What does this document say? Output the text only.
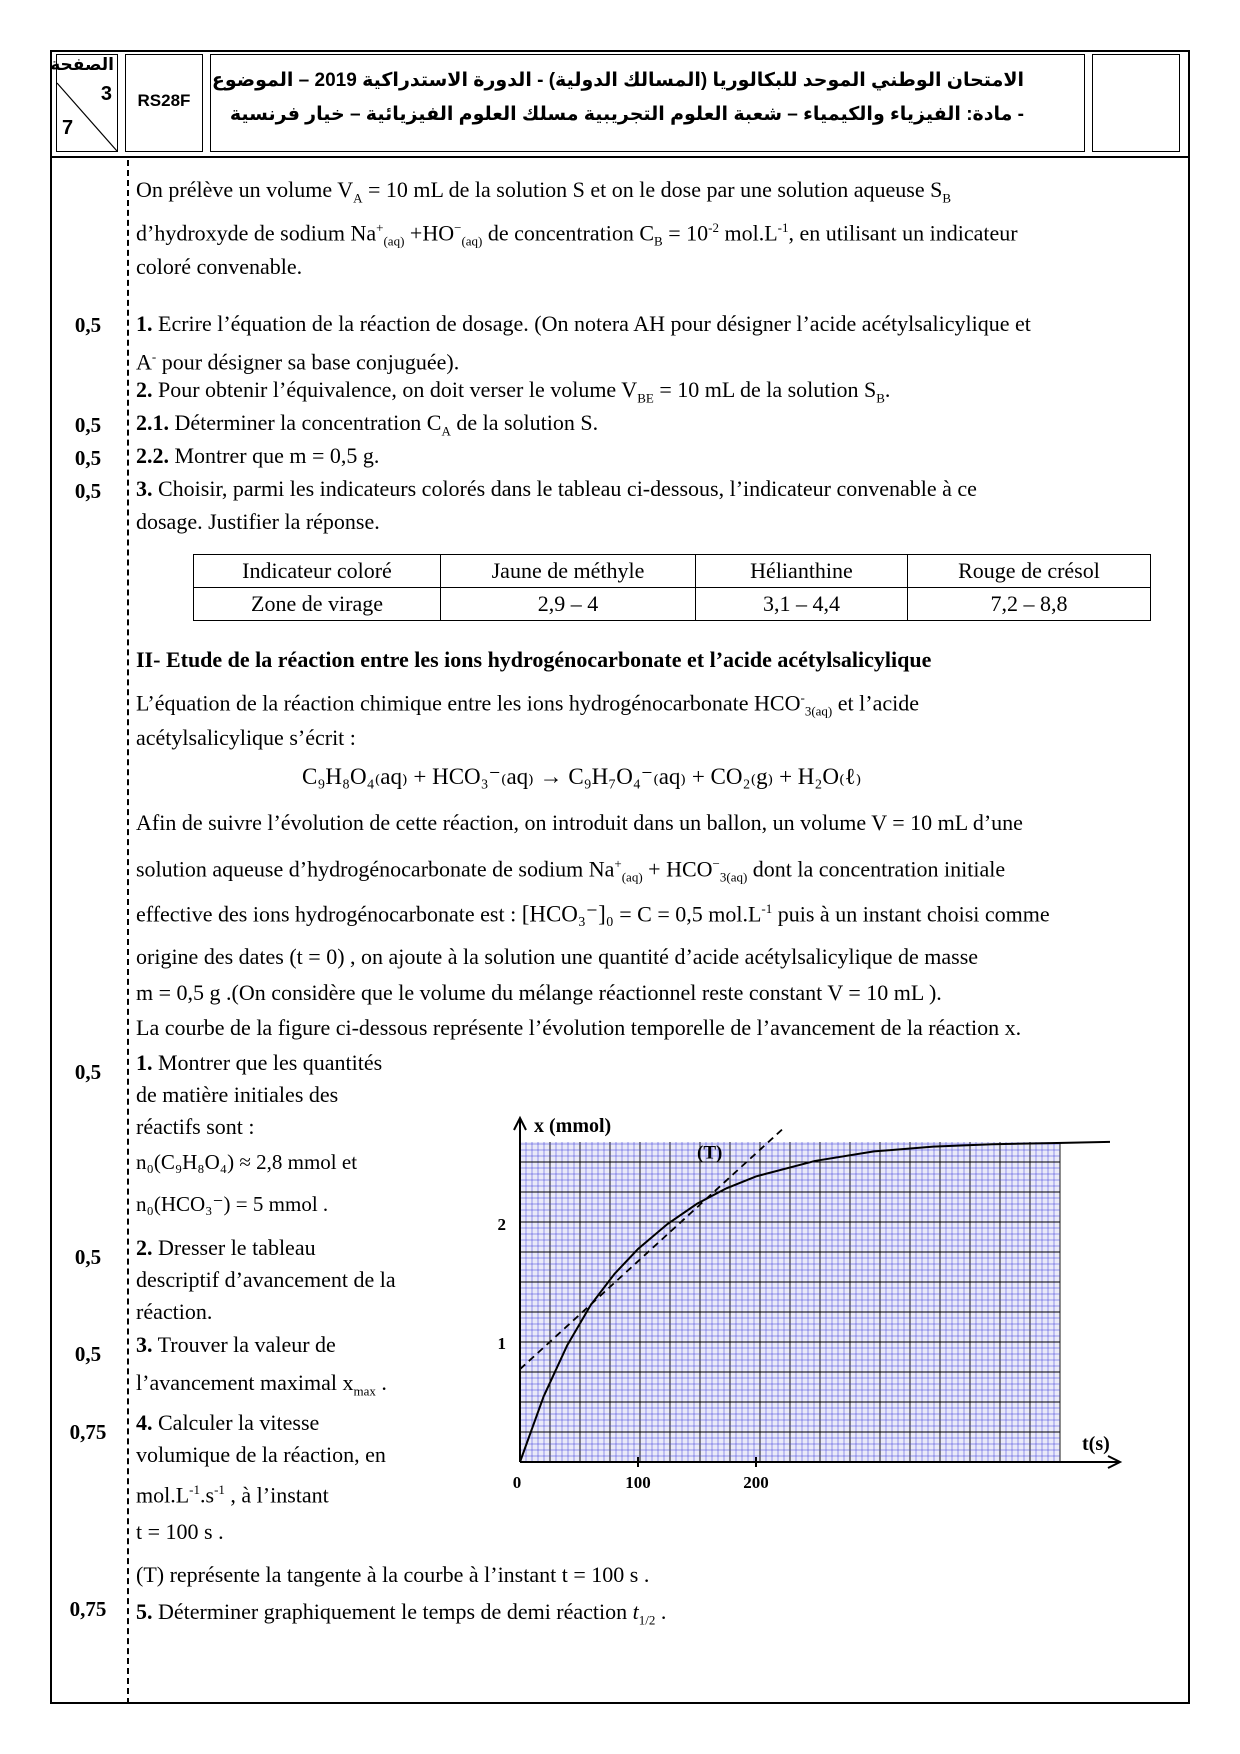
الصفحة
3
7
RS28F
الامتحان الوطني الموحد للبكالوريا (المسالك الدولية) - الدورة الاستدراكية 2019 – الموضوع
- مادة: الفيزياء والكيمياء – شعبة العلوم التجريبية مسلك العلوم الفيزيائية – خيار فرنسية
0,5
0,5
0,5
0,5
0,5
0,5
0,5
0,75
0,75
On prélève un volume $V_A = 10$ mL de la solution S et on le dose par une solution aqueuse $S_B$
d’hydroxyde de sodium $Na^+_{(aq)} +HO^-_{(aq)}$ de concentration $C_B = 10^{-2}$ $mol.L^{-1}$, en utilisant un indicateur
coloré convenable.
1. Ecrire l’équation de la réaction de dosage. (On notera AH pour désigner l’acide acétylsalicylique et
A- pour désigner sa base conjuguée).
2. Pour obtenir l’équivalence, on doit verser le volume $V_{BE} = 10$ mL de la solution $S_B$.
2.1. Déterminer la concentration $C_A$ de la solution S.
2.2. Montrer que m = 0,5 g.
3. Choisir, parmi les indicateurs colorés dans le tableau ci-dessous, l’indicateur convenable à ce
dosage. Justifier la réponse.
Indicateur coloré	Jaune de méthyle	Hélianthine	Rouge de crésol
Zone de virage	2,9 – 4	3,1 – 4,4	7,2 – 8,8
II- Etude de la réaction entre les ions hydrogénocarbonate et l’acide acétylsalicylique
L’équation de la réaction chimique entre les ions hydrogénocarbonate $HCO^-_{3(aq)}$ et l’acide
acétylsalicylique s’écrit :
C₉H₈O₄₍aq₎ + HCO₃⁻₍aq₎ → C₉H₇O₄⁻₍aq₎ + CO₂₍g₎ + H₂O₍ℓ₎
Afin de suivre l’évolution de cette réaction, on introduit dans un ballon, un volume V = 10 mL d’une
solution aqueuse d’hydrogénocarbonate de sodium $Na^+_{(aq)} + HCO^-_{3(aq)}$ dont la concentration initiale
effective des ions hydrogénocarbonate est : [HCO₃⁻]₀ = C = 0,5 $mol.L^{-1}$ puis à un instant choisi comme
origine des dates (t = 0) , on ajoute à la solution une quantité d’acide acétylsalicylique de masse
m = 0,5 g .(On considère que le volume du mélange réactionnel reste constant V = 10 mL ).
La courbe de la figure ci-dessous représente l’évolution temporelle de l’avancement de la réaction x.
1. Montrer que les quantités
de matière initiales des
réactifs sont :
n₀(C₉H₈O₄) ≈ 2,8 mmol et
n₀(HCO₃⁻) = 5 mmol .
2. Dresser le tableau
descriptif d’avancement de la
réaction.
3. Trouver la valeur de
l’avancement maximal $x_{max}$ .
4. Calculer la vitesse
volumique de la réaction, en
$mol.L^{-1}.s^{-1}$ , à l’instant
t = 100 s .
(T) représente la tangente à la courbe à l’instant t = 100 s .
5. Déterminer graphiquement le temps de demi réaction $t_{1/2}$ .
0	100	200
1
2
x (mmol)
t(s)
(T)
